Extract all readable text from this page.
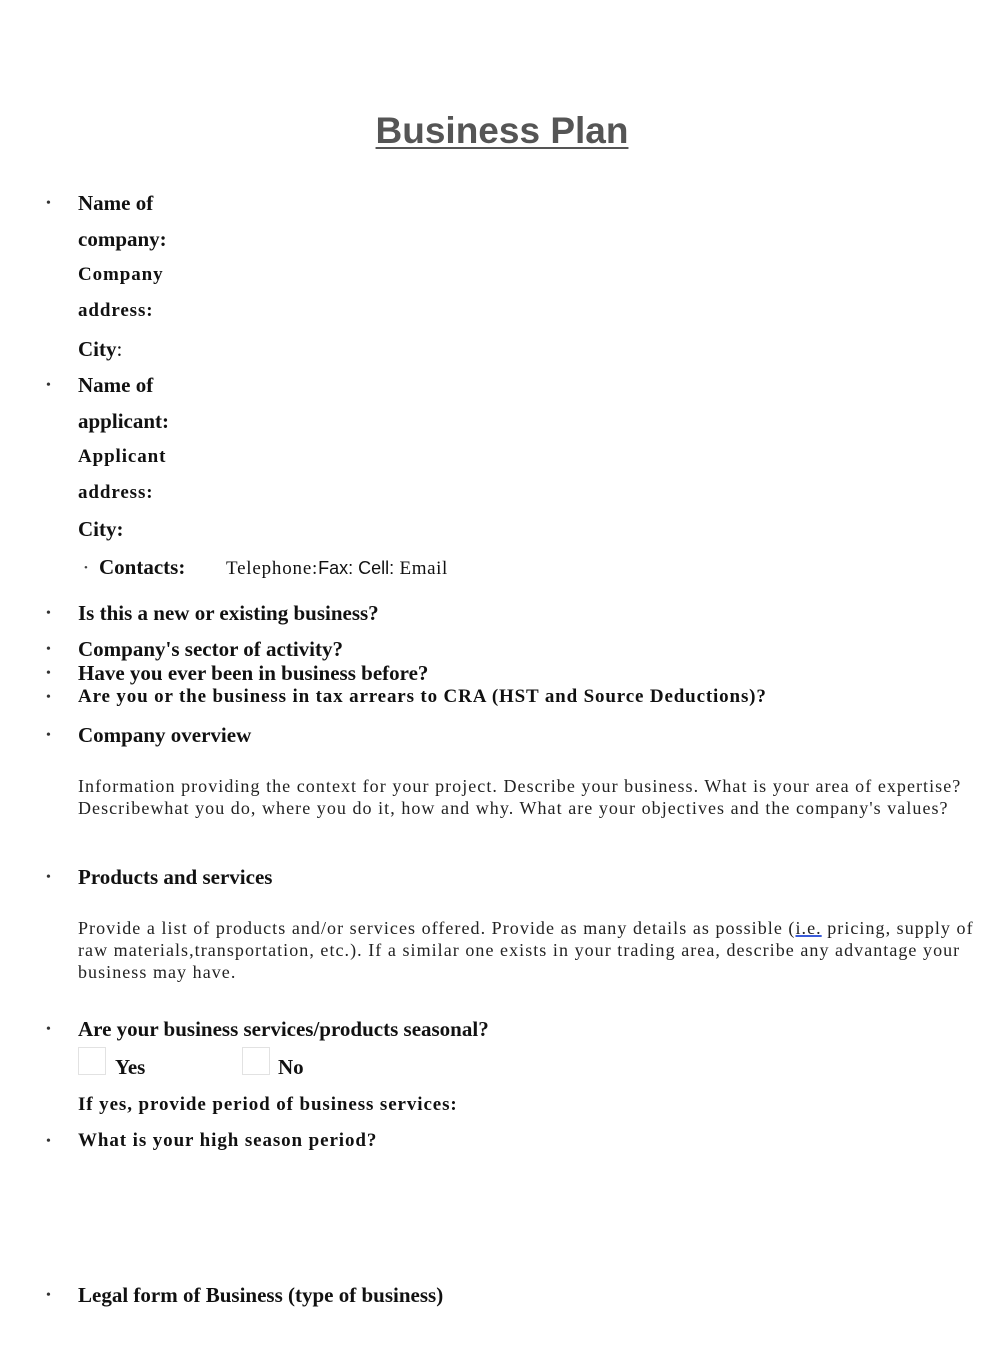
Business Plan
•
Name of
company:
Company
address:
City:
•
Name of
applicant:
Applicant
address:
City:
• Contacts: Telephone:Fax: Cell: Email
•
Is this a new or existing business?
•
Company's sector of activity?
•
Have you ever been in business before?
•
Are you or the business in tax arrears to CRA (HST and Source Deductions)?
•
Company overview
Information providing the context for your project. Describe your business. What is your area of expertise? Describewhat you do, where you do it, how and why. What are your objectives and the company's values?
•
Products and services
Provide a list of products and/or services offered. Provide as many details as possible (i.e. pricing, supply of raw materials,transportation, etc.). If a similar one exists in your trading area, describe any advantage your business may have.
•
Are your business services/products seasonal?
Yes	No
If yes, provide period of business services:
•
What is your high season period?
•
Legal form of Business (type of business)
